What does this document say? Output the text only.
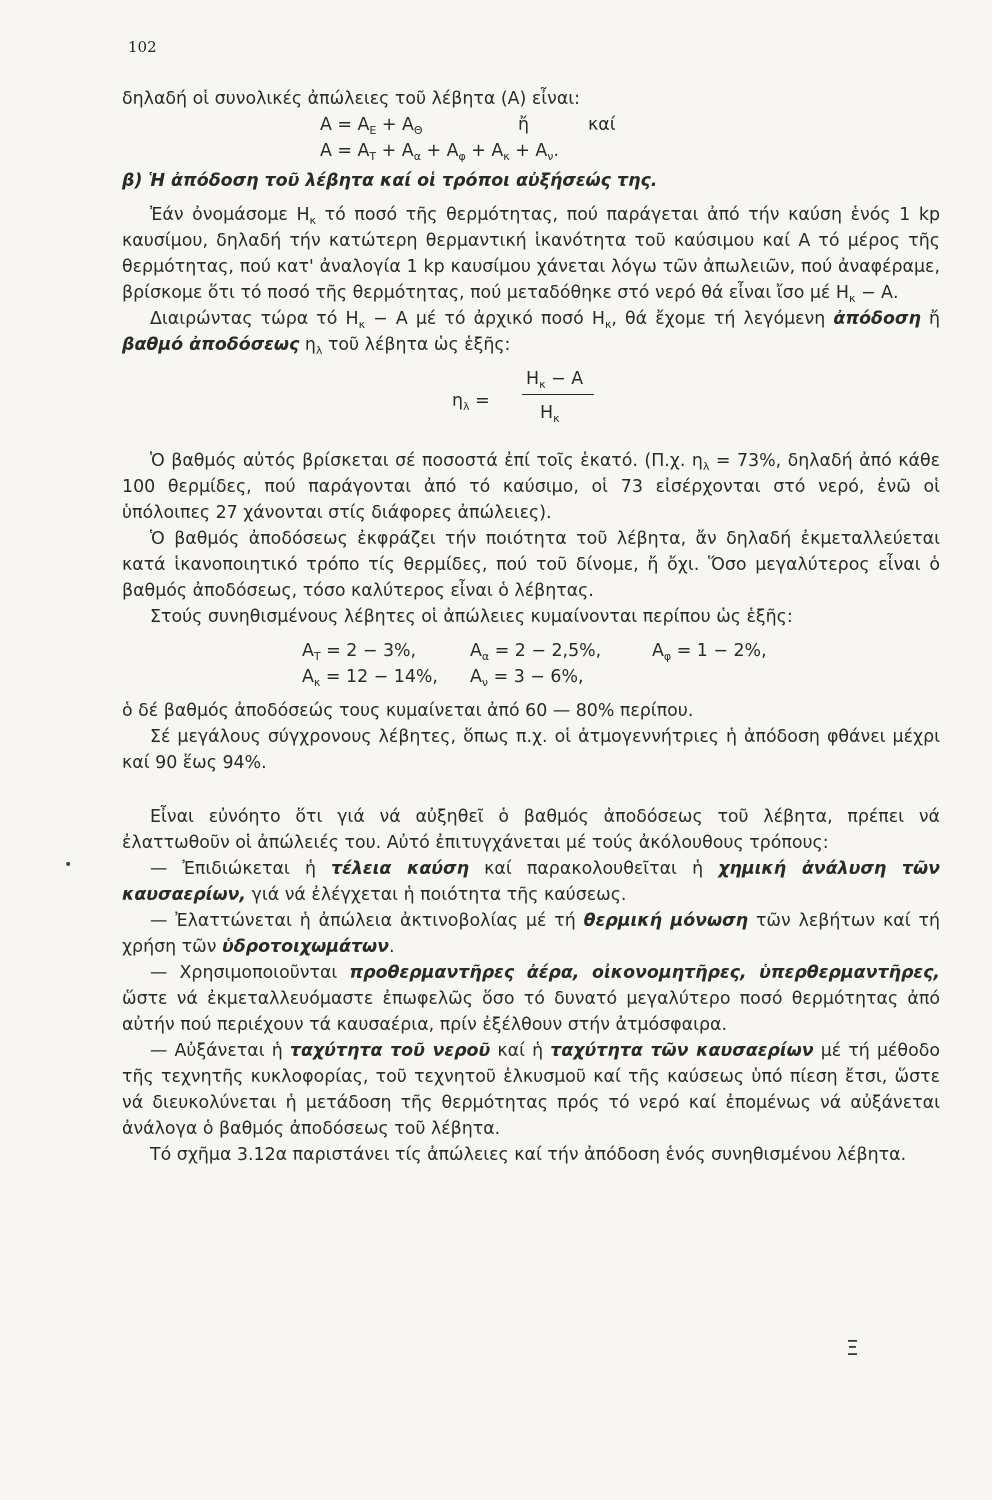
102
•
Ξ

δηλαδή οἱ συνολικές ἀπώλειες τοῦ λέβητα (Α) εἶναι:

$A = A_E + A_\Theta$	ἤ	καί
$A = A_T + A_\alpha + A_\varphi + A_\kappa + A_\nu$.

β) Ἡ ἀπόδοση τοῦ λέβητα καί οἱ τρόποι αὐξήσεώς της.

Ἐάν ὀνομάσομε $H_\kappa$ τό ποσό τῆς θερμότητας, πού παράγεται ἀπό τήν καύση ἑνός 1 kp καυσίμου, δηλαδή τήν κατώτερη θερμαντική ἱκανότητα τοῦ καύσιμου καί Α τό μέρος τῆς θερμότητας, πού κατ' ἀναλογία 1 kp καυσίμου χάνεται λόγω τῶν ἀπωλειῶν, πού ἀναφέραμε, βρίσκομε ὅτι τό ποσό τῆς θερμότητας, πού μεταδόθηκε στό νερό θά εἶναι ἴσο μέ $H_\kappa - A$.

Διαιρώντας τώρα τό $H_\kappa - A$ μέ τό ἀρχικό ποσό $H_\kappa$, θά ἔχομε τή λεγόμενη ἀπόδοση ἤ βαθμό ἀποδόσεως $\eta_\lambda$ τοῦ λέβητα ὡς ἑξῆς:

$\eta_\lambda$ =
$H_\kappa - A$
$H_\kappa$

Ὁ βαθμός αὐτός βρίσκεται σέ ποσοστά ἐπί τοῖς ἑκατό. (Π.χ. $\eta_\lambda = 73\%$, δηλαδή ἀπό κάθε 100 θερμίδες, πού παράγονται ἀπό τό καύσιμο, οἱ 73 εἰσέρχονται στό νερό, ἐνῶ οἱ ὑπόλοιπες 27 χάνονται στίς διάφορες ἀπώλειες).

Ὁ βαθμός ἀποδόσεως ἐκφράζει τήν ποιότητα τοῦ λέβητα, ἄν δηλαδή ἐκμεταλλεύεται κατά ἱκανοποιητικό τρόπο τίς θερμίδες, πού τοῦ δίνομε, ἤ ὄχι. Ὅσο μεγαλύτερος εἶναι ὁ βαθμός ἀποδόσεως, τόσο καλύτερος εἶναι ὁ λέβητας.

Στούς συνηθισμένους λέβητες οἱ ἀπώλειες κυμαίνονται περίπου ὡς ἑξῆς:

$A_T = 2 - 3\%$,	$A_\alpha = 2 - 2,5\%$,	$A_\varphi = 1 - 2\%$,
$A_\kappa = 12 - 14\%$, $A_\nu = 3 - 6\%$,

ὁ δέ βαθμός ἀποδόσεώς τους κυμαίνεται ἀπό 60 — 80% περίπου.

Σέ μεγάλους σύγχρονους λέβητες, ὅπως π.χ. οἱ ἀτμογεννήτριες ἡ ἀπόδοση φθάνει μέχρι καί 90 ἕως 94%.

Εἶναι εὐνόητο ὅτι γιά νά αὐξηθεῖ ὁ βαθμός ἀποδόσεως τοῦ λέβητα, πρέπει νά ἐλαττωθοῦν οἱ ἀπώλειές του. Αὐτό ἐπιτυγχάνεται μέ τούς ἀκόλουθους τρόπους:

— Ἐπιδιώκεται ἡ τέλεια καύση καί παρακολουθεῖται ἡ χημική ἀνάλυση τῶν καυσαερίων, γιά νά ἐλέγχεται ἡ ποιότητα τῆς καύσεως.

— Ἐλαττώνεται ἡ ἀπώλεια ἀκτινοβολίας μέ τή θερμική μόνωση τῶν λεβήτων καί τή χρήση τῶν ὑδροτοιχωμάτων.

— Χρησιμοποιοῦνται προθερμαντῆρες ἀέρα, οἰκονομητῆρες, ὑπερθερμαντῆρες, ὥστε νά ἐκμεταλλευόμαστε ἐπωφελῶς ὅσο τό δυνατό μεγαλύτερο ποσό θερμότητας ἀπό αὐτήν πού περιέχουν τά καυσαέρια, πρίν ἐξέλθουν στήν ἀτμόσφαιρα.

— Αὐξάνεται ἡ ταχύτητα τοῦ νεροῦ καί ἡ ταχύτητα τῶν καυσαερίων μέ τή μέθοδο τῆς τεχνητῆς κυκλοφορίας, τοῦ τεχνητοῦ ἑλκυσμοῦ καί τῆς καύσεως ὑπό πίεση ἔτσι, ὥστε νά διευκολύνεται ἡ μετάδοση τῆς θερμότητας πρός τό νερό καί ἐπομένως νά αὐξάνεται ἀνάλογα ὁ βαθμός ἀποδόσεως τοῦ λέβητα.

Τό σχῆμα 3.12α παριστάνει τίς ἀπώλειες καί τήν ἀπόδοση ἑνός συνηθισμένου λέβητα.
